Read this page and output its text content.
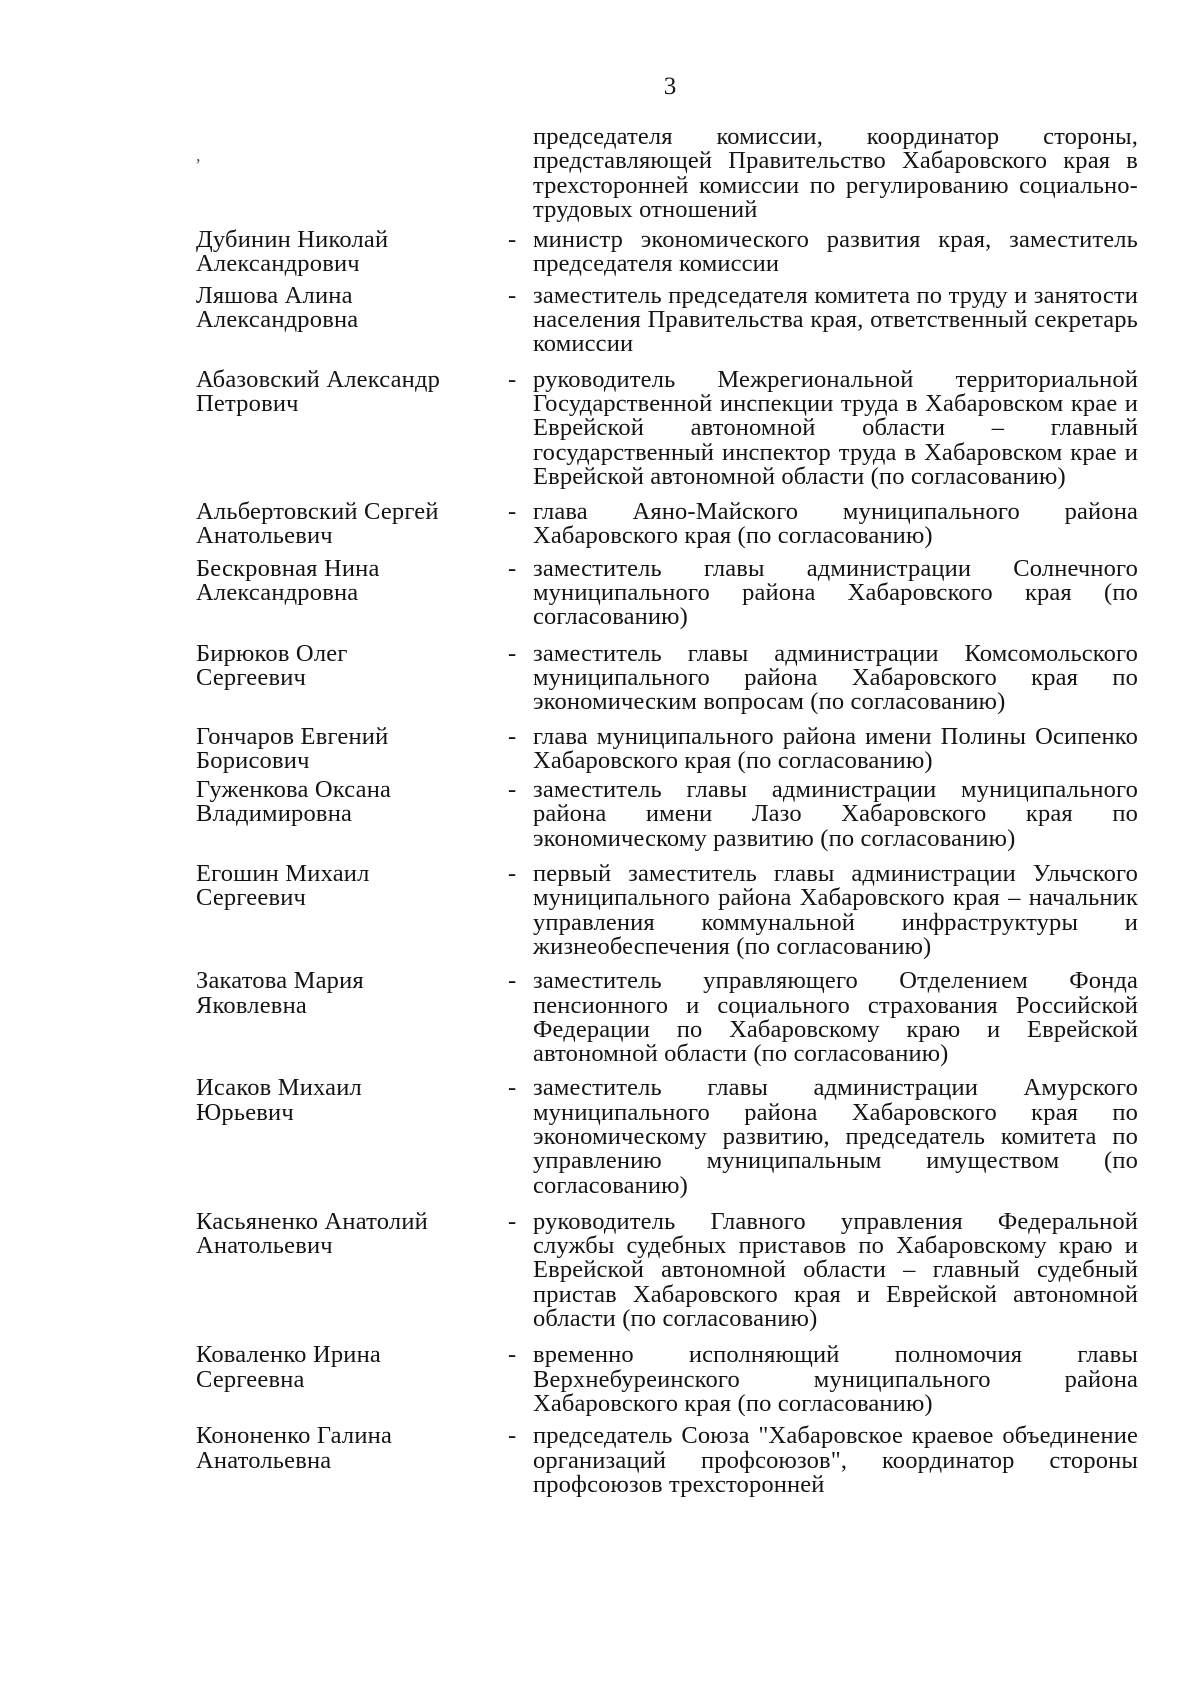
3
,
председателя комиссии, координатор стороны, представляющей Правительство Хабаровского края в трехсторонней комиссии по регулированию социально-трудовых отношений
Дубинин Николай
Александрович
- министр экономического развития края, заместитель председателя комиссии
Ляшова Алина
Александровна
- заместитель председателя комитета по труду и занятости населения Правительства края, ответственный секретарь комиссии
Абазовский Александр
Петрович
- руководитель Межрегиональной территориальной Государственной инспекции труда в Хабаровском крае и Еврейской автономной области – главный государственный инспектор труда в Хабаровском крае и Еврейской автономной области (по согласованию)
Альбертовский Сергей
Анатольевич
- глава Аяно-Майского муниципального района Хабаровского края (по согласованию)
Бескровная Нина
Александровна
- заместитель главы администрации Солнечного муниципального района Хабаровского края (по согласованию)
Бирюков Олег
Сергеевич
- заместитель главы администрации Комсомольского муниципального района Хабаровского края по экономическим вопросам (по согласованию)
Гончаров Евгений
Борисович
- глава муниципального района имени Полины Осипенко Хабаровского края (по согласованию)
Гуженкова Оксана
Владимировна
- заместитель главы администрации муниципального района имени Лазо Хабаровского края по экономическому развитию (по согласованию)
Егошин Михаил
Сергеевич
- первый заместитель главы администрации Ульчского муниципального района Хабаровского края – начальник управления коммунальной инфраструктуры и жизнеобеспечения (по согласованию)
Закатова Мария
Яковлевна
- заместитель управляющего Отделением Фонда пенсионного и социального страхования Российской Федерации по Хабаровскому краю и Еврейской автономной области (по согласованию)
Исаков Михаил
Юрьевич
- заместитель главы администрации Амурского муниципального района Хабаровского края по экономическому развитию, председатель комитета по управлению муниципальным имуществом (по согласованию)
Касьяненко Анатолий
Анатольевич
- руководитель Главного управления Федеральной службы судебных приставов по Хабаровскому краю и Еврейской автономной области – главный судебный пристав Хабаровского края и Еврейской автономной области (по согласованию)
Коваленко Ирина
Сергеевна
- временно исполняющий полномочия главы Верхнебуреинского муниципального района Хабаровского края (по согласованию)
Кононенко Галина
Анатольевна
- председатель Союза "Хабаровское краевое объединение организаций профсоюзов", координатор стороны профсоюзов трехсторонней
